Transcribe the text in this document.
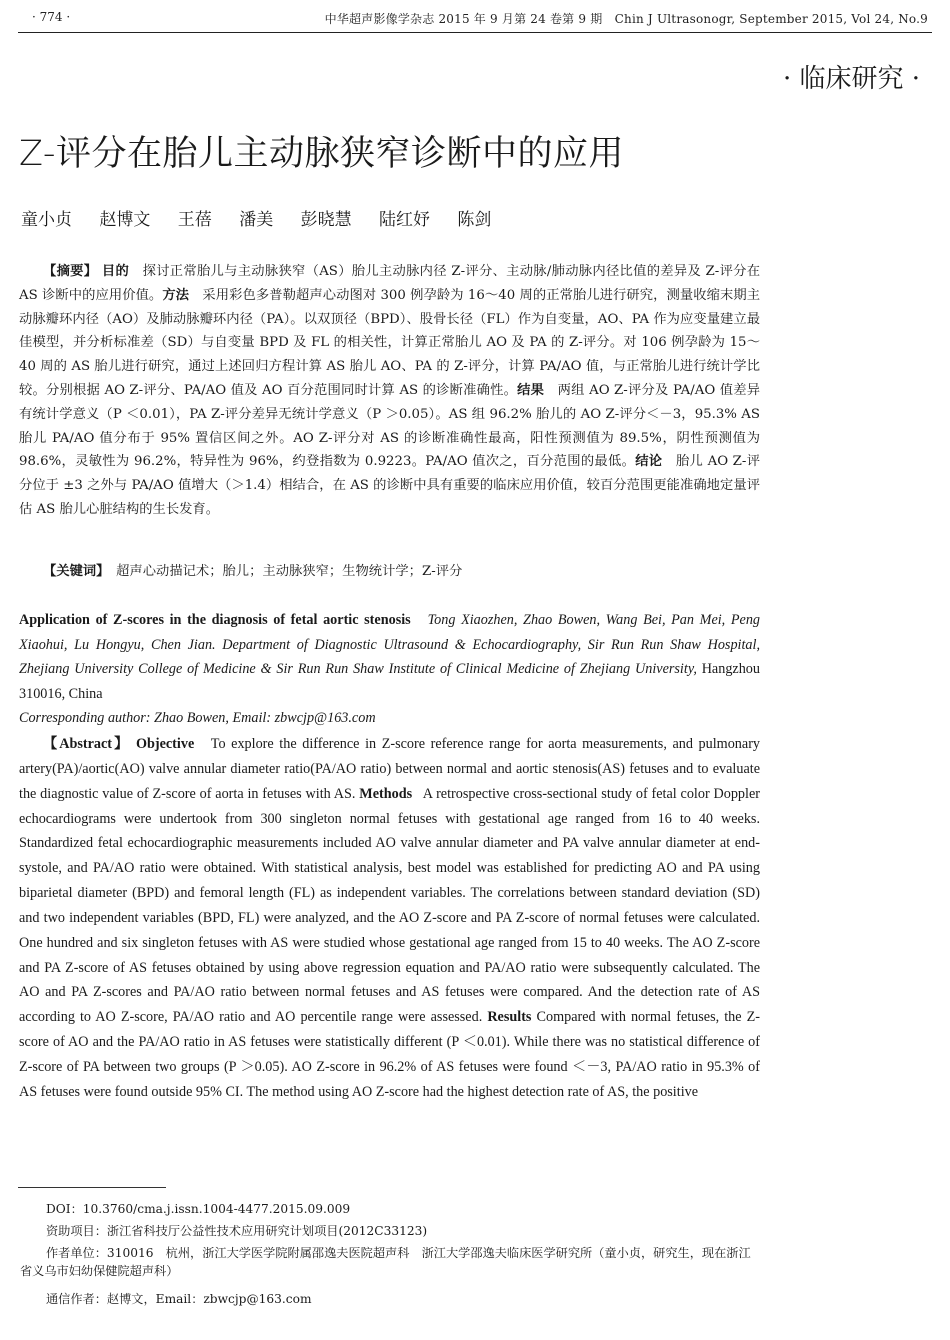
· 774 ·	中华超声影像学杂志 2015 年 9 月第 24 卷第 9 期　Chin J Ultrasonogr, September 2015, Vol 24, No.9
· 临床研究 ·
Z-评分在胎儿主动脉狭窄诊断中的应用
童小贞 赵博文 王蓓 潘美 彭晓慧 陆红妤 陈剑
【摘要】 目的　 探讨正常胎儿与主动脉狭窄（AS）胎儿主动脉内径 Z-评分、主动脉/肺动脉内径比值的差异及 Z-评分在 AS 诊断中的应用价值。方法　 采用彩色多普勒超声心动图对 300 例孕龄为 16～40 周的正常胎儿进行研究，测量收缩末期主动脉瓣环内径（AO）及肺动脉瓣环内径（PA）。以双顶径（BPD）、股骨长径（FL）作为自变量，AO、PA 作为应变量建立最佳模型，并分析标准差（SD）与自变量 BPD 及 FL 的相关性，计算正常胎儿 AO 及 PA 的 Z-评分。对 106 例孕龄为 15～40 周的 AS 胎儿进行研究，通过上述回归方程计算 AS 胎儿 AO、PA 的 Z-评分，计算 PA/AO 值，与正常胎儿进行统计学比较。分别根据 AO Z-评分、PA/AO 值及 AO 百分范围同时计算 AS 的诊断准确性。结果　 两组 AO Z-评分及 PA/AO 值差异有统计学意义（P ＜0.01），PA Z-评分差异无统计学意义（P ＞0.05）。AS 组 96.2% 胎儿的 AO Z-评分＜－3，95.3% AS 胎儿 PA/AO 值分布于 95% 置信区间之外。AO Z-评分对 AS 的诊断准确性最高，阳性预测值为 89.5%，阴性预测值为 98.6%，灵敏性为 96.2%，特异性为 96%，约登指数为 0.9223。PA/AO 值次之，百分范围的最低。结论　 胎儿 AO Z-评分位于 ±3 之外与 PA/AO 值增大（＞1.4）相结合，在 AS 的诊断中具有重要的临床应用价值，较百分范围更能准确地定量评估 AS 胎儿心脏结构的生长发育。
【关键词】　 超声心动描记术；胎儿；主动脉狭窄；生物统计学；Z-评分
Application of Z-scores in the diagnosis of fetal aortic stenosis Tong Xiaozhen, Zhao Bowen, Wang Bei, Pan Mei, Peng Xiaohui, Lu Hongyu, Chen Jian. Department of Diagnostic Ultrasound & Echocardiography, Sir Run Run Shaw Hospital, Zhejiang University College of Medicine & Sir Run Run Shaw Institute of Clinical Medicine of Zhejiang University, Hangzhou 310016, China
Corresponding author: Zhao Bowen, Email: zbwcjp@163.com
【Abstract】 Objective To explore the difference in Z-score reference range for aorta measurements, and pulmonary artery(PA)/aortic(AO) valve annular diameter ratio(PA/AO ratio) between normal and aortic stenosis(AS) fetuses and to evaluate the diagnostic value of Z-score of aorta in fetuses with AS. Methods A retrospective cross-sectional study of fetal color Doppler echocardiograms were undertook from 300 singleton normal fetuses with gestational age ranged from 16 to 40 weeks. Standardized fetal echocardiographic measurements included AO valve annular diameter and PA valve annular diameter at end-systole, and PA/AO ratio were obtained. With statistical analysis, best model was established for predicting AO and PA using biparietal diameter (BPD) and femoral length (FL) as independent variables. The correlations between standard deviation (SD) and two independent variables (BPD, FL) were analyzed, and the AO Z-score and PA Z-score of normal fetuses were calculated. One hundred and six singleton fetuses with AS were studied whose gestational age ranged from 15 to 40 weeks. The AO Z-score and PA Z-score of AS fetuses obtained by using above regression equation and PA/AO ratio were subsequently calculated. The AO and PA Z-scores and PA/AO ratio between normal fetuses and AS fetuses were compared. And the detection rate of AS according to AO Z-score, PA/AO ratio and AO percentile range were assessed. Results Compared with normal fetuses, the Z-score of AO and the PA/AO ratio in AS fetuses were statistically different (P ＜0.01). While there was no statistical difference of Z-score of PA between two groups (P ＞0.05). AO Z-score in 96.2% of AS fetuses were found ＜－3, PA/AO ratio in 95.3% of AS fetuses were found outside 95% CI. The method using AO Z-score had the highest detection rate of AS, the positive
DOI：10.3760/cma.j.issn.1004-4477.2015.09.009
资助项目：浙江省科技厅公益性技术应用研究计划项目(2012C33123)
作者单位：310016　杭州，浙江大学医学院附属邵逸夫医院超声科　浙江大学邵逸夫临床医学研究所（童小贞，研究生，现在浙江省义乌市妇幼保健院超声科）
通信作者：赵博文，Email：zbwcjp@163.com
